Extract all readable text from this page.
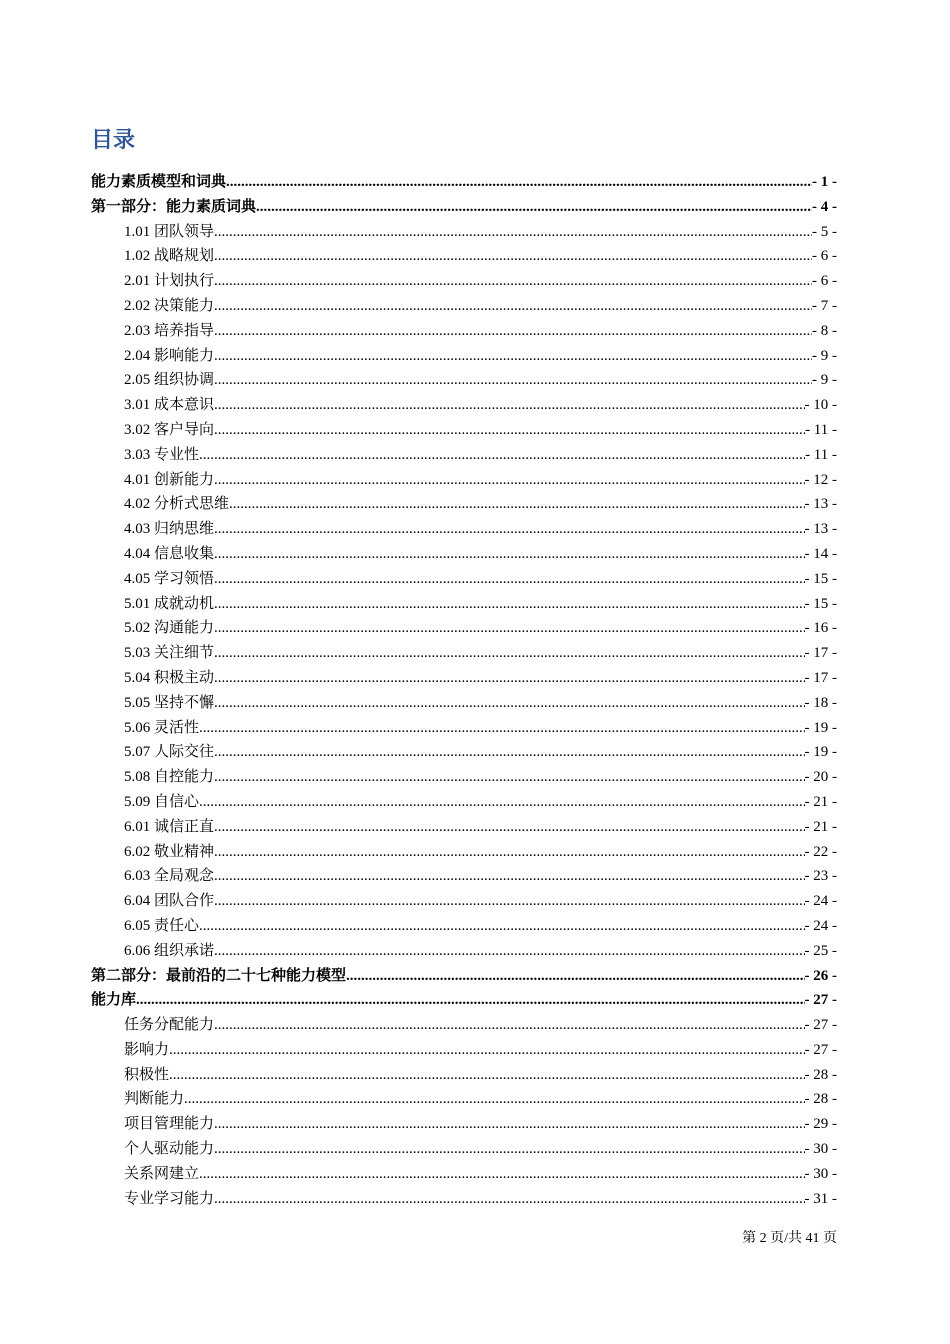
目录
能力素质模型和词典 .....	- 1 -
第一部分：能力素质词典 .....	- 4 -
1.01 团队领导 .....	- 5 -
1.02 战略规划 .....	- 6 -
2.01 计划执行 .....	- 6 -
2.02 决策能力 .....	- 7 -
2.03 培养指导 .....	- 8 -
2.04 影响能力 .....	- 9 -
2.05 组织协调 .....	- 9 -
3.01 成本意识 .....	- 10 -
3.02 客户导向 .....	- 11 -
3.03 专业性 .....	- 11 -
4.01 创新能力 .....	- 12 -
4.02 分析式思维 .....	- 13 -
4.03 归纳思维 .....	- 13 -
4.04 信息收集 .....	- 14 -
4.05 学习领悟 .....	- 15 -
5.01 成就动机 .....	- 15 -
5.02 沟通能力 .....	- 16 -
5.03 关注细节 .....	- 17 -
5.04 积极主动 .....	- 17 -
5.05 坚持不懈 .....	- 18 -
5.06 灵活性 .....	- 19 -
5.07 人际交往 .....	- 19 -
5.08 自控能力 .....	- 20 -
5.09 自信心 .....	- 21 -
6.01 诚信正直 .....	- 21 -
6.02 敬业精神 .....	- 22 -
6.03 全局观念 .....	- 23 -
6.04 团队合作 .....	- 24 -
6.05 责任心 .....	- 24 -
6.06 组织承诺 .....	- 25 -
第二部分：最前沿的二十七种能力模型 .....	- 26 -
能力库 .....	- 27 -
任务分配能力 .....	- 27 -
影响力 .....	- 27 -
积极性 .....	- 28 -
判断能力 .....	- 28 -
项目管理能力 .....	- 29 -
个人驱动能力 .....	- 30 -
关系网建立 .....	- 30 -
专业学习能力 .....	- 31 -
第 2 页/共 41 页
